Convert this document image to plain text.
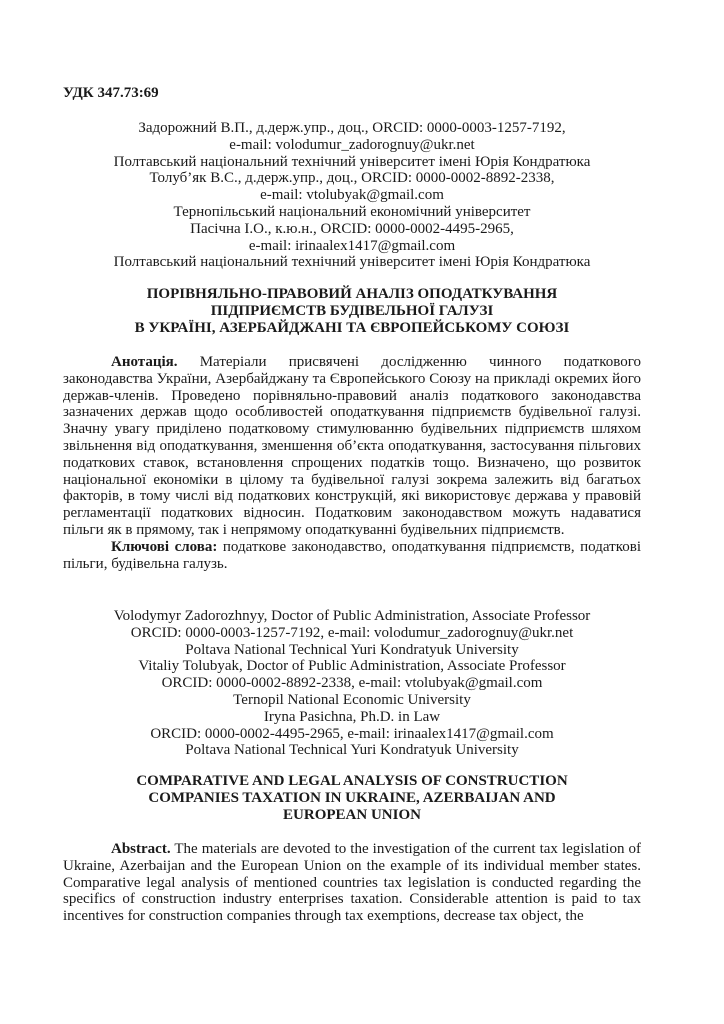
УДК 347.73:69
Задорожний В.П., д.держ.упр., доц., ORCID: 0000-0003-1257-7192,
e-mail: volodumur_zadorognuy@ukr.net
Полтавський національний технічний університет імені Юрія Кондратюка
Толуб’як В.С., д.держ.упр., доц., ORCID: 0000-0002-8892-2338,
e-mail: vtolubyak@gmail.com
Тернопільський національний економічний університет
Пасічна І.О., к.ю.н., ORCID: 0000-0002-4495-2965,
e-mail: irinaalex1417@gmail.com
Полтавський національний технічний університет імені Юрія Кондратюка
ПОРІВНЯЛЬНО-ПРАВОВИЙ АНАЛІЗ ОПОДАТКУВАННЯ
ПІДПРИЄМСТВ БУДІВЕЛЬНОЇ ГАЛУЗІ
В УКРАЇНІ, АЗЕРБАЙДЖАНІ ТА ЄВРОПЕЙСЬКОМУ СОЮЗІ

Анотація. Матеріали присвячені дослідженню чинного податкового законодавства України, Азербайджану та Європейського Союзу на прикладі окремих його держав-членів. Проведено порівняльно-правовий аналіз податкового законодавства зазначених держав щодо особливостей оподаткування підприємств будівельної галузі. Значну увагу приділено податковому стимулюванню будівельних підприємств шляхом звільнення від оподаткування, зменшення об’єкта оподаткування, застосування пільгових податкових ставок, встановлення спрощених податків тощо. Визначено, що розвиток національної економіки в цілому та будівельної галузі зокрема залежить від багатьох факторів, в тому числі від податкових конструкцій, які використовує держава у правовій регламентації податкових відносин. Податковим законодавством можуть надаватися пільги як в прямому, так і непрямому оподаткуванні будівельних підприємств.

Ключові слова: податкове законодавство, оподаткування підприємств, податкові пільги, будівельна галузь.

Volodymyr Zadorozhnyy, Doctor of Public Administration, Associate Professor
ORCID: 0000-0003-1257-7192, e-mail: volodumur_zadorognuy@ukr.net
Poltava National Technical Yuri Kondratyuk University
Vitaliy Tolubyak, Doctor of Public Administration, Associate Professor
ORCID: 0000-0002-8892-2338, e-mail: vtolubyak@gmail.com
Ternopil National Economic University
Iryna Pasichna, Ph.D. in Law
ORCID: 0000-0002-4495-2965, e-mail: irinaalex1417@gmail.com
Poltava National Technical Yuri Kondratyuk University
COMPARATIVE AND LEGAL ANALYSIS OF CONSTRUCTION
COMPANIES TAXATION IN UKRAINE, AZERBAIJAN AND
EUROPEAN UNION

Abstract. The materials are devoted to the investigation of the current tax legislation of Ukraine, Azerbaijan and the European Union on the example of its individual member states. Comparative legal analysis of mentioned countries tax legislation is conducted regarding the specifics of construction industry enterprises taxation. Considerable attention is paid to tax incentives for construction companies through tax exemptions, decrease tax object, the
